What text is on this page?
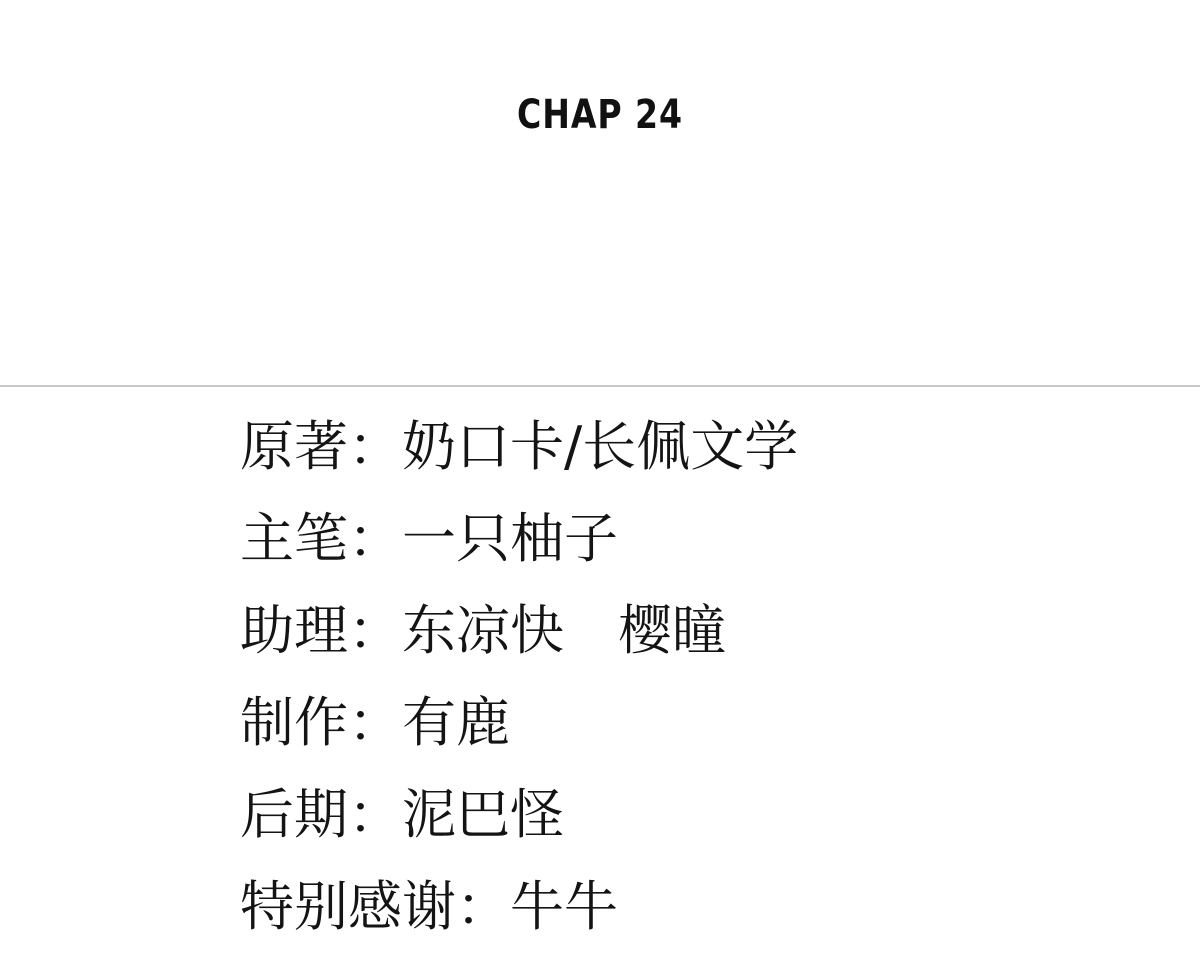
CHAP 24
原著： 奶口卡/长佩文学
主笔： 一只柚子
助理： 东凉快　樱瞳
制作： 有鹿
后期： 泥巴怪
特别感谢： 牛牛
